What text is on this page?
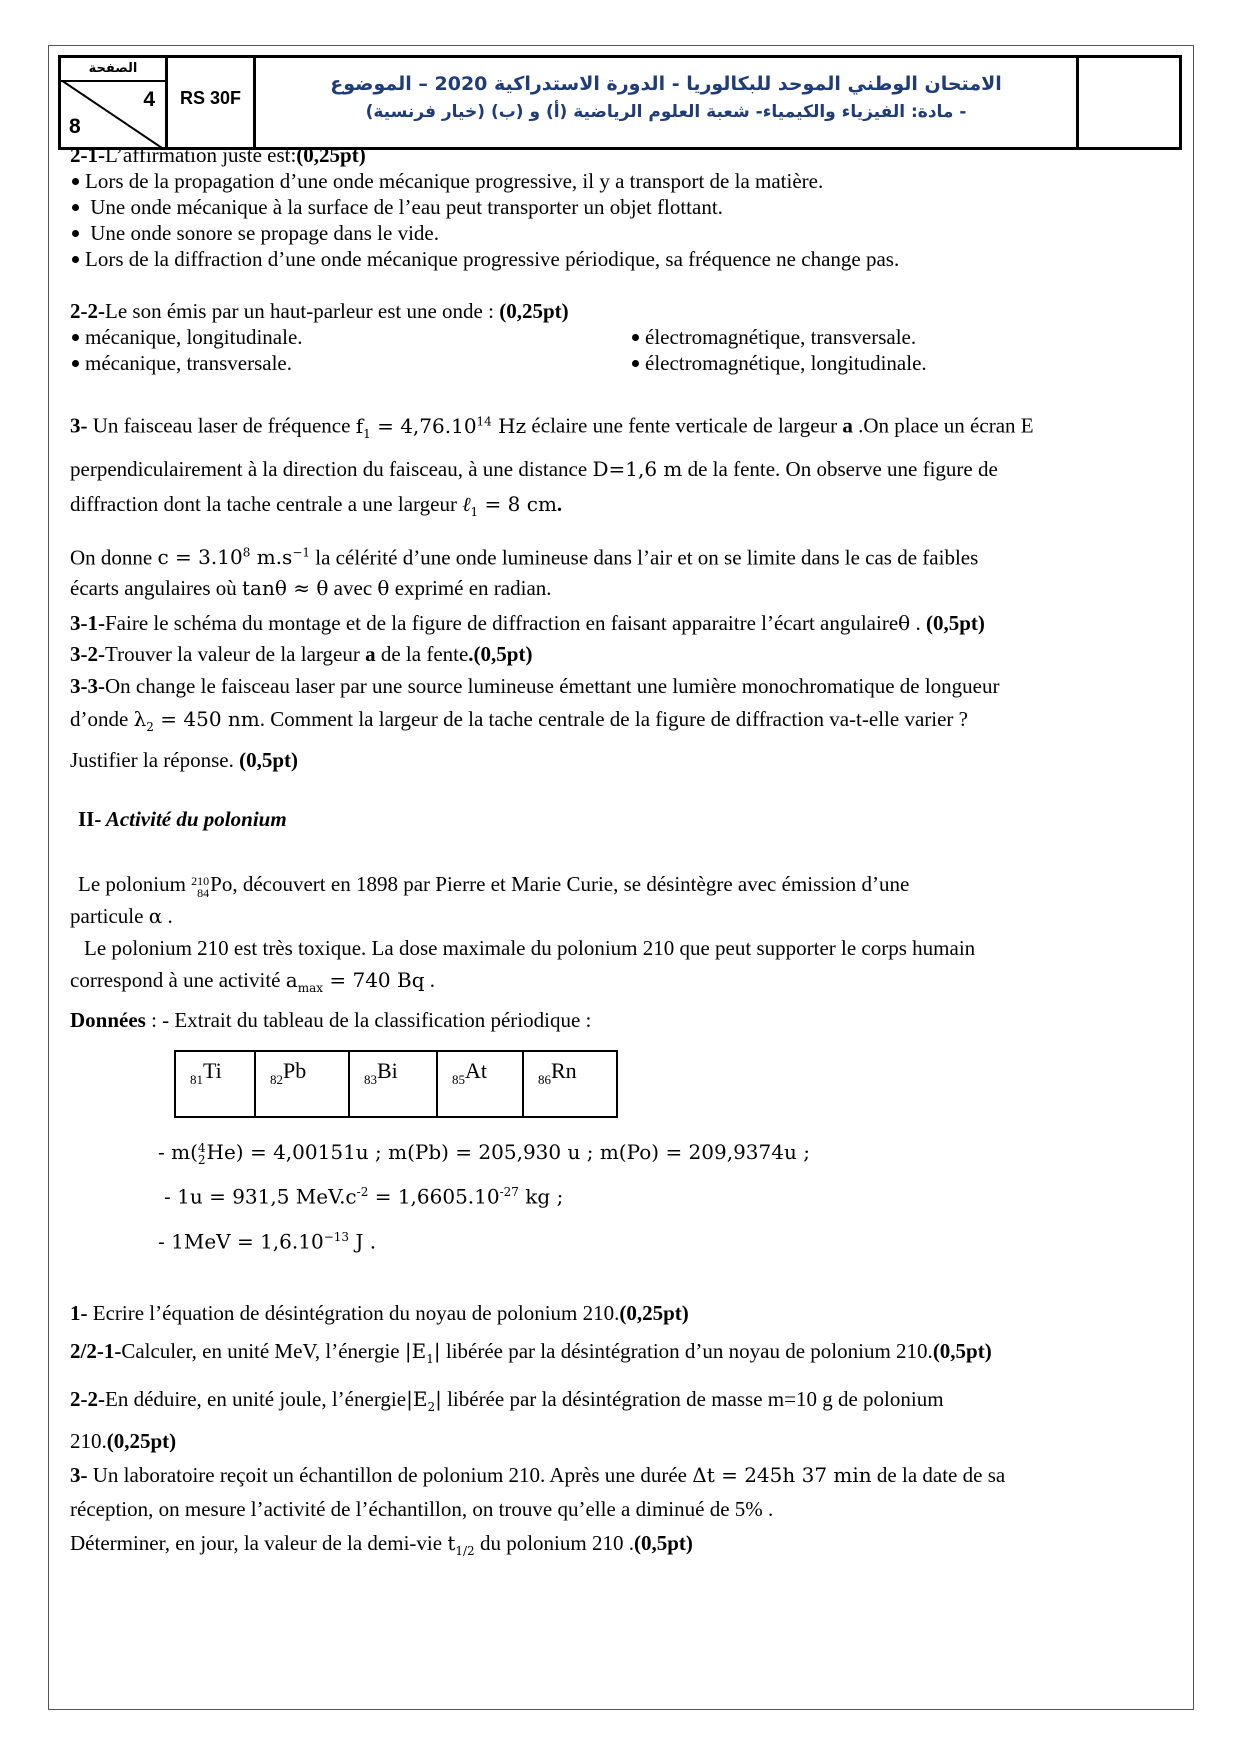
الصفحة
4
8
RS 30F
الامتحان الوطني الموحد للبكالوريا - الدورة الاستدراكية 2020 – الموضوع
- مادة: الفيزياء والكيمياء- شعبة العلوم الرياضية (أ) و (ب) (خيار فرنسية)
2-1-L’affirmation juste est:(0,25pt)
Lors de la propagation d’une onde mécanique progressive, il y a transport de la matière.
Une onde mécanique à la surface de l’eau peut transporter un objet flottant.
Une onde sonore se propage dans le vide.
Lors de la diffraction d’une onde mécanique progressive périodique, sa fréquence ne change pas.
2-2-Le son émis par un haut-parleur est une onde : (0,25pt)
mécanique, longitudinale.	électromagnétique, transversale.
mécanique, transversale.	électromagnétique, longitudinale.
3- Un faisceau laser de fréquence $f_1 = 4,76.10^{14}$ Hz éclaire une fente verticale de largeur a .On place un écran E
perpendiculairement à la direction du faisceau, à une distance D=1,6 m de la fente. On observe une figure de
diffraction dont la tache centrale a une largeur ℓ$_1$ = 8 cm.
On donne $c = 3.10^8$ $m.s^{-1}$ la célérité d’une onde lumineuse dans l’air et on se limite dans le cas de faibles
écarts angulaires où tanθ ≈ θ avec θ exprimé en radian.
3-1-Faire le schéma du montage et de la figure de diffraction en faisant apparaitre l’écart angulaireθ . (0,5pt)
3-2-Trouver la valeur de la largeur a de la fente.(0,5pt)
3-3-On change le faisceau laser par une source lumineuse émettant une lumière monochromatique de longueur
d’onde $\lambda_2 = 450$ nm. Comment la largeur de la tache centrale de la figure de diffraction va-t-elle varier ?
Justifier la réponse. (0,5pt)
II- Activité du polonium
Le polonium 210
84 Po, découvert en 1898 par Pierre et Marie Curie, se désintègre avec émission d’une
particule α .
Le polonium 210 est très toxique. La dose maximale du polonium 210 que peut supporter le corps humain
correspond à une activité $a_{max} = 740$ Bq .
Données : - Extrait du tableau de la classification périodique :
$_{81}$Ti	$_{82}$Pb	$_{83}$Bi	$_{85}$At	$_{86}$Rn
- m( 4
2 He) = 4,00151u ; m(Pb) = 205,930 u ; m(Po) = 209,9374u ;
- 1u = 931,5 $MeV.c^{-2} = 1,6605.10^{-27}$ kg ;
- $1MeV = 1,6.10^{-13}$ J .
1- Ecrire l’équation de désintégration du noyau de polonium 210.(0,25pt)
2/2-1-Calculer, en unité MeV, l’énergie $|E_1|$ libérée par la désintégration d’un noyau de polonium 210.(0,5pt)
2-2-En déduire, en unité joule, $l’énergie|E_2|$ libérée par la désintégration de masse m=10 g de polonium
210.(0,25pt)
3- Un laboratoire reçoit un échantillon de polonium 210. Après une durée Δt = 245h 37 min de la date de sa
réception, on mesure l’activité de l’échantillon, on trouve qu’elle a diminué de 5% .
Déterminer, en jour, la valeur de la demi-vie $t_{1/2}$ du polonium 210 .(0,5pt)
